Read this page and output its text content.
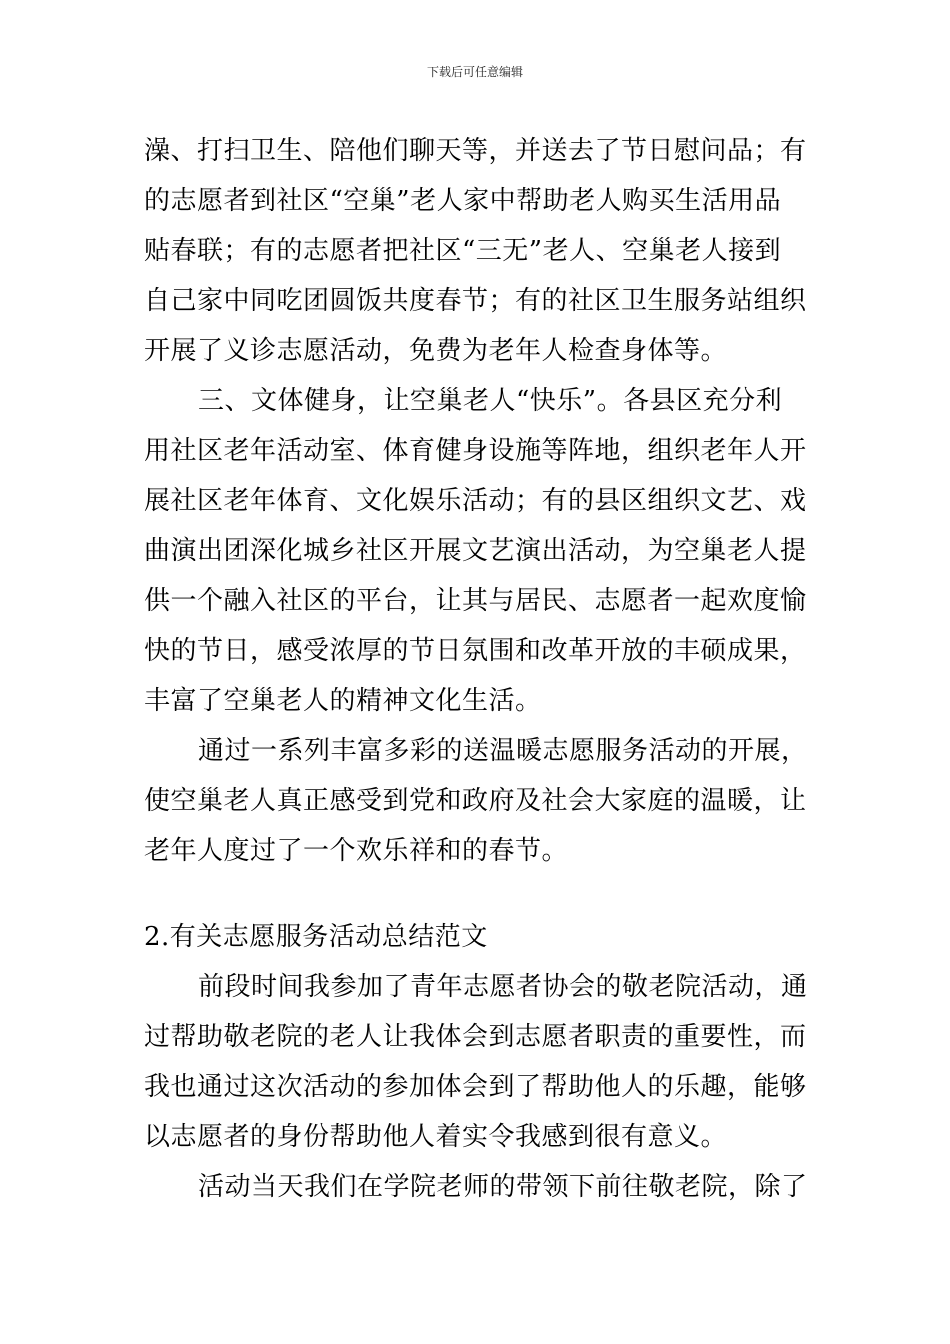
下载后可任意编辑
澡、打扫卫生、陪他们聊天等，并送去了节日慰问品；有
的志愿者到社区“空巢”老人家中帮助老人购买生活用品
贴春联；有的志愿者把社区“三无”老人、空巢老人接到
自己家中同吃团圆饭共度春节；有的社区卫生服务站组织
开展了义诊志愿活动，免费为老年人检查身体等。
三、文体健身，让空巢老人“快乐”。各县区充分利
用社区老年活动室、体育健身设施等阵地，组织老年人开
展社区老年体育、文化娱乐活动；有的县区组织文艺、戏
曲演出团深化城乡社区开展文艺演出活动，为空巢老人提
供一个融入社区的平台，让其与居民、志愿者一起欢度愉
快的节日，感受浓厚的节日氛围和改革开放的丰硕成果，
丰富了空巢老人的精神文化生活。
通过一系列丰富多彩的送温暖志愿服务活动的开展，
使空巢老人真正感受到党和政府及社会大家庭的温暖，让
老年人度过了一个欢乐祥和的春节。
2.有关志愿服务活动总结范文
前段时间我参加了青年志愿者协会的敬老院活动，通
过帮助敬老院的老人让我体会到志愿者职责的重要性，而
我也通过这次活动的参加体会到了帮助他人的乐趣，能够
以志愿者的身份帮助他人着实令我感到很有意义。
活动当天我们在学院老师的带领下前往敬老院，除了
